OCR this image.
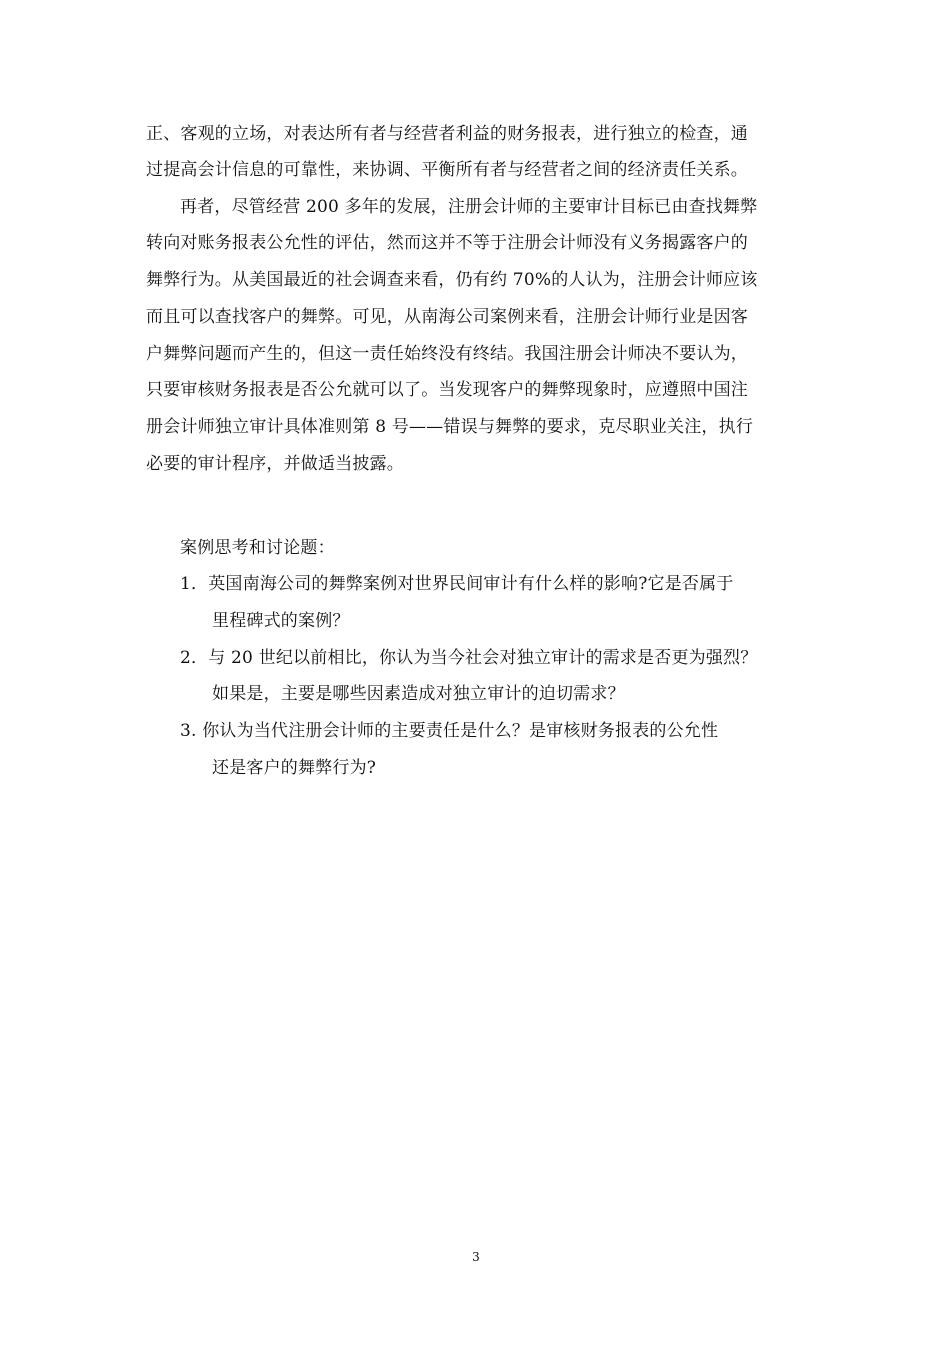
正、客观的立场，对表达所有者与经营者利益的财务报表，进行独立的检查，通
过提高会计信息的可靠性，来协调、平衡所有者与经营者之间的经济责任关系。
再者，尽管经营 200 多年的发展，注册会计师的主要审计目标已由查找舞弊
转向对账务报表公允性的评估，然而这并不等于注册会计师没有义务揭露客户的
舞弊行为。从美国最近的社会调查来看，仍有约 70%的人认为，注册会计师应该
而且可以查找客户的舞弊。可见，从南海公司案例来看，注册会计师行业是因客
户舞弊问题而产生的，但这一责任始终没有终结。我国注册会计师决不要认为，
只要审核财务报表是否公允就可以了。当发现客户的舞弊现象时，应遵照中国注
册会计师独立审计具体准则第 8 号——错误与舞弊的要求，克尽职业关注，执行
必要的审计程序，并做适当披露。
案例思考和讨论题：
1．英国南海公司的舞弊案例对世界民间审计有什么样的影响?它是否属于
里程碑式的案例？
2．与 20 世纪以前相比，你认为当今社会对独立审计的需求是否更为强烈？
如果是，主要是哪些因素造成对独立审计的迫切需求？
3. 你认为当代注册会计师的主要责任是什么？是审核财务报表的公允性
还是客户的舞弊行为?
3
